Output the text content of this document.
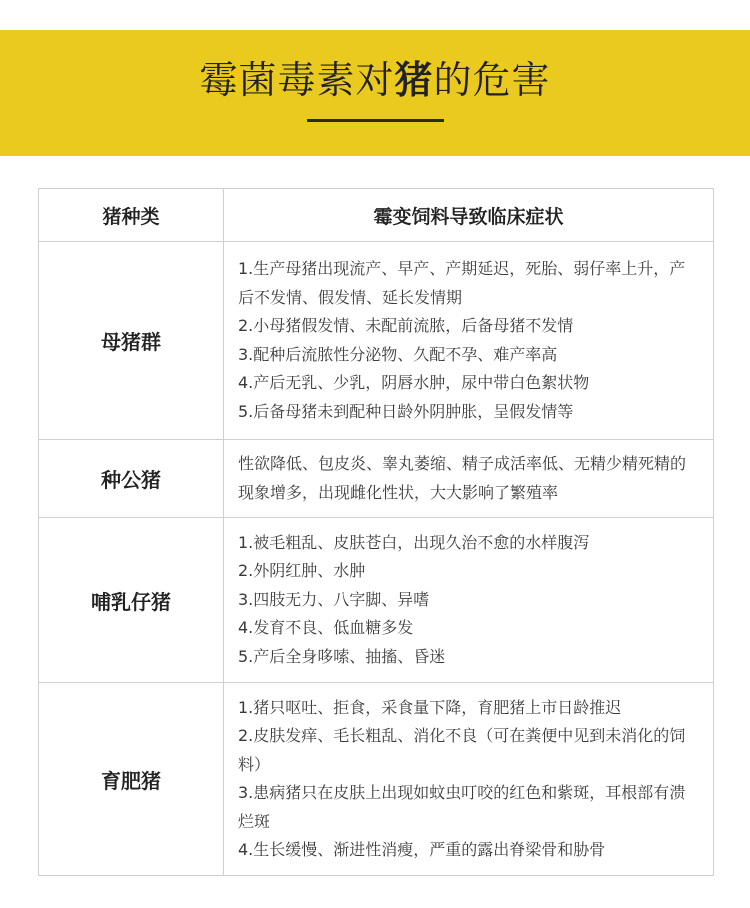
霉菌毒素对猪的危害
猪种类	霉变饲料导致临床症状
母猪群	1.生产母猪出现流产、早产、产期延迟，死胎、弱仔率上升，产后不发情、假发情、延长发情期
2.小母猪假发情、未配前流脓，后备母猪不发情
3.配种后流脓性分泌物、久配不孕、难产率高
4.产后无乳、少乳，阴唇水肿，尿中带白色絮状物
5.后备母猪未到配种日龄外阴肿胀，呈假发情等

种公猪	性欲降低、包皮炎、睾丸萎缩、精子成活率低、无精少精死精的现象增多，出现雌化性状，大大影响了繁殖率

哺乳仔猪	1.被毛粗乱、皮肤苍白，出现久治不愈的水样腹泻
2.外阴红肿、水肿
3.四肢无力、八字脚、异嗜
4.发育不良、低血糖多发
5.产后全身哆嗦、抽搐、昏迷

育肥猪	1.猪只呕吐、拒食，采食量下降，育肥猪上市日龄推迟
2.皮肤发痒、毛长粗乱、消化不良（可在粪便中见到未消化的饲料）
3.患病猪只在皮肤上出现如蚊虫叮咬的红色和紫斑，耳根部有溃烂斑
4.生长缓慢、渐进性消瘦，严重的露出脊梁骨和胁骨
